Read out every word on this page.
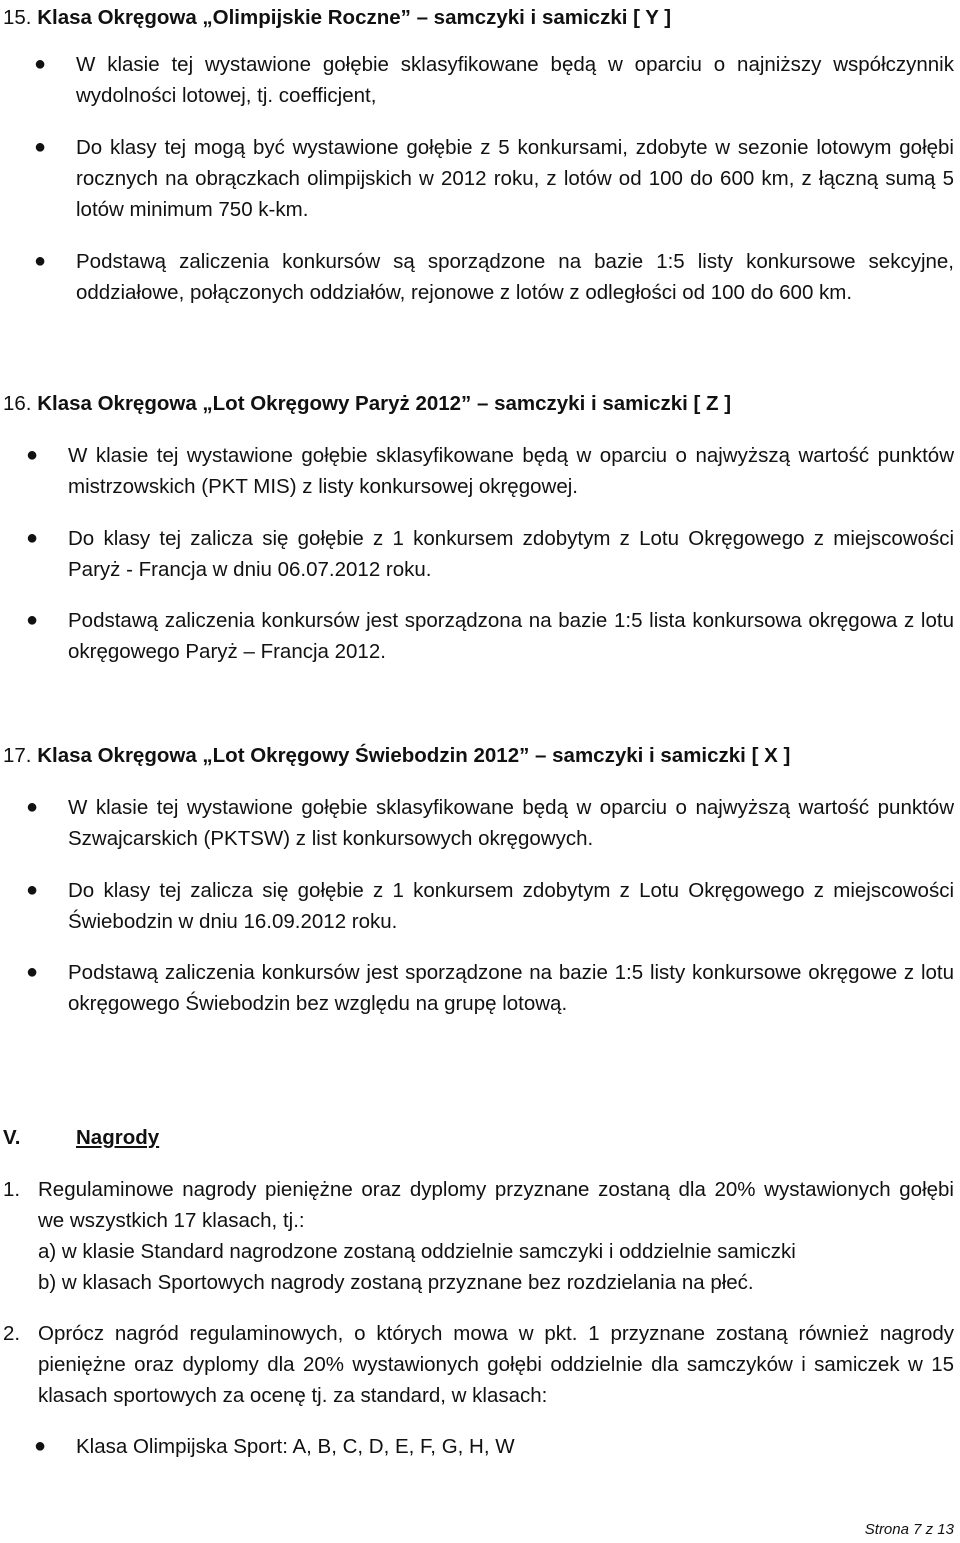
15. Klasa Okręgowa „Olimpijskie Roczne” – samczyki i samiczki [ Y ]
● W klasie tej wystawione gołębie sklasyfikowane będą w oparciu o najniższy współczynnik wydolności lotowej, tj. coefficjent,
● Do klasy tej mogą być wystawione gołębie z 5 konkursami, zdobyte w sezonie lotowym gołębi rocznych na obrączkach olimpijskich w 2012 roku, z lotów od 100 do 600 km, z łączną sumą 5 lotów minimum 750 k-km.
● Podstawą zaliczenia konkursów są sporządzone na bazie 1:5 listy konkursowe sekcyjne, oddziałowe, połączonych oddziałów, rejonowe z lotów z odległości od 100 do 600 km.
16. Klasa Okręgowa „Lot Okręgowy Paryż 2012” – samczyki i samiczki [ Z ]
● W klasie tej wystawione gołębie sklasyfikowane będą w oparciu o najwyższą wartość punktów mistrzowskich (PKT MIS) z listy konkursowej okręgowej.
● Do klasy tej zalicza się gołębie z 1 konkursem zdobytym z Lotu Okręgowego z miejscowości Paryż - Francja w dniu 06.07.2012 roku.
● Podstawą zaliczenia konkursów jest sporządzona na bazie 1:5 lista konkursowa okręgowa z lotu okręgowego Paryż – Francja 2012.
17. Klasa Okręgowa „Lot Okręgowy Świebodzin 2012” – samczyki i samiczki [ X ]
● W klasie tej wystawione gołębie sklasyfikowane będą w oparciu o najwyższą wartość punktów Szwajcarskich (PKTSW) z list konkursowych okręgowych.
● Do klasy tej zalicza się gołębie z 1 konkursem zdobytym z Lotu Okręgowego z miejscowości Świebodzin w dniu 16.09.2012 roku.
● Podstawą zaliczenia konkursów jest sporządzone na bazie 1:5 listy konkursowe okręgowe z lotu okręgowego Świebodzin bez względu na grupę lotową.
V.	Nagrody
1. Regulaminowe nagrody pieniężne oraz dyplomy przyznane zostaną dla 20% wystawionych gołębi we wszystkich 17 klasach, tj.:
a) w klasie Standard nagrodzone zostaną oddzielnie samczyki i oddzielnie samiczki
b) w klasach Sportowych nagrody zostaną przyznane bez rozdzielania na płeć.
2. Oprócz nagród regulaminowych, o których mowa w pkt. 1 przyznane zostaną również nagrody pieniężne oraz dyplomy dla 20% wystawionych gołębi oddzielnie dla samczyków i samiczek w 15 klasach sportowych za ocenę tj. za standard, w klasach:
● Klasa Olimpijska Sport: A, B, C, D, E, F, G, H, W
Strona 7 z 13
